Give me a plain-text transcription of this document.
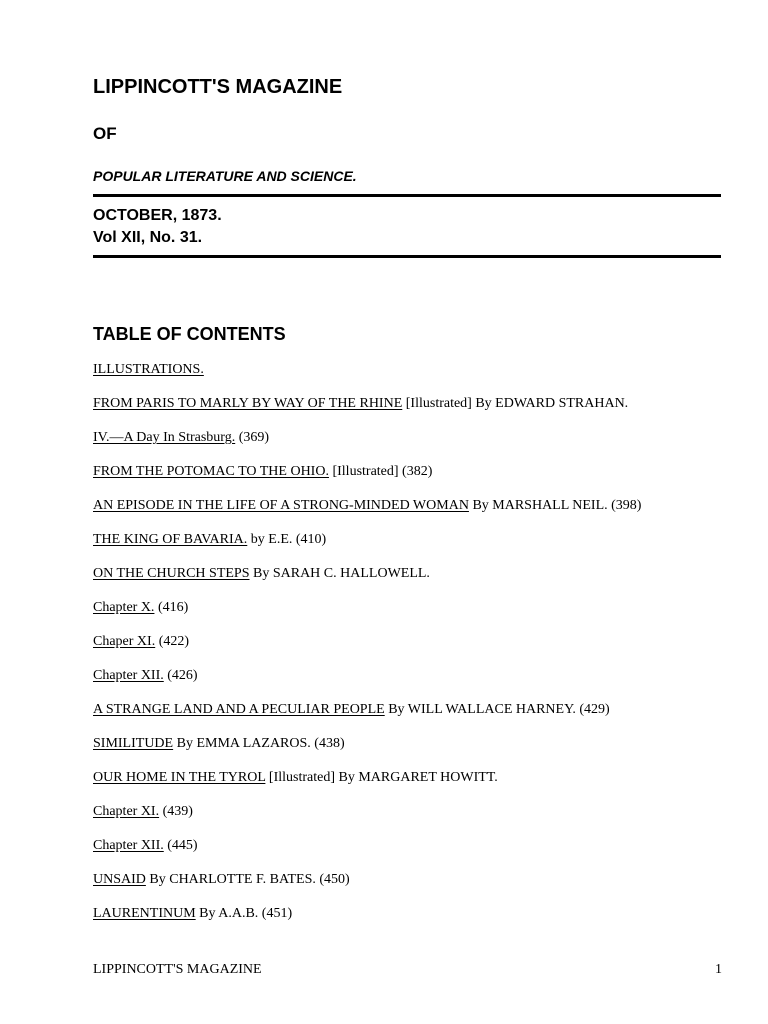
LIPPINCOTT'S MAGAZINE
OF
POPULAR LITERATURE AND SCIENCE.
OCTOBER, 1873.
Vol XII, No. 31.
TABLE OF CONTENTS
ILLUSTRATIONS.
FROM PARIS TO MARLY BY WAY OF THE RHINE [Illustrated] By EDWARD STRAHAN.
IV.—A Day In Strasburg. (369)
FROM THE POTOMAC TO THE OHIO. [Illustrated] (382)
AN EPISODE IN THE LIFE OF A STRONG-MINDED WOMAN By MARSHALL NEIL. (398)
THE KING OF BAVARIA. by E.E. (410)
ON THE CHURCH STEPS By SARAH C. HALLOWELL.
Chapter X. (416)
Chaper XI. (422)
Chapter XII. (426)
A STRANGE LAND AND A PECULIAR PEOPLE By WILL WALLACE HARNEY. (429)
SIMILITUDE By EMMA LAZAROS. (438)
OUR HOME IN THE TYROL [Illustrated] By MARGARET HOWITT.
Chapter XI. (439)
Chapter XII. (445)
UNSAID By CHARLOTTE F. BATES. (450)
LAURENTINUM By A.A.B. (451)
LIPPINCOTT'S MAGAZINE	1
